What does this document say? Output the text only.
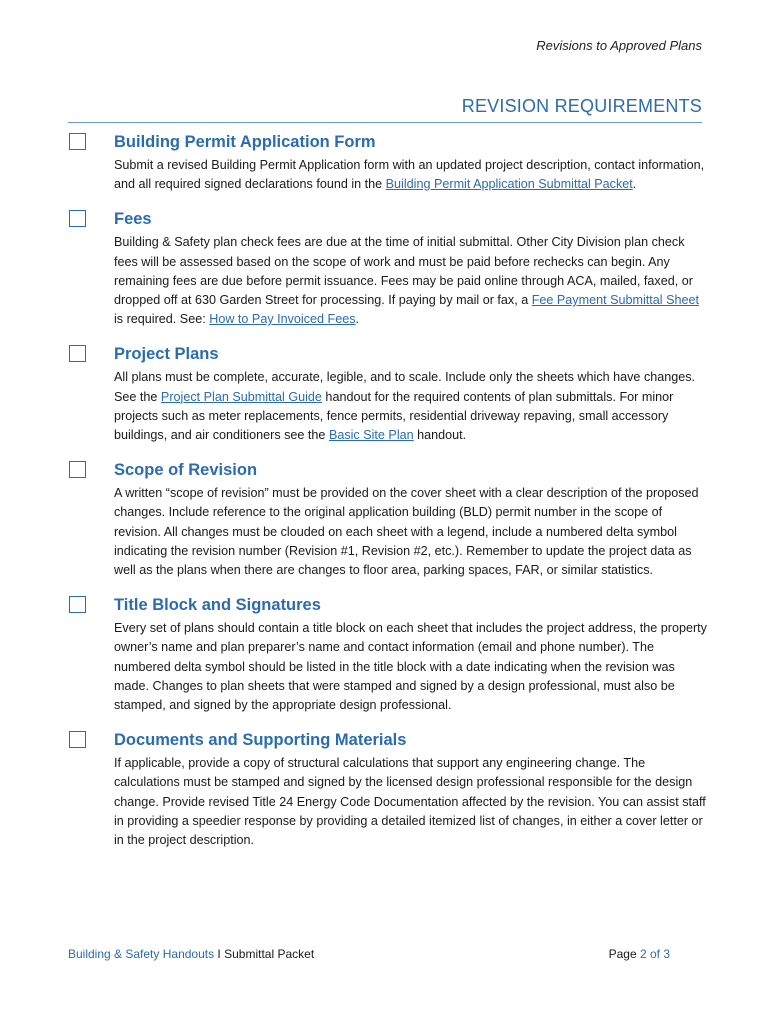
Revisions to Approved Plans
REVISION REQUIREMENTS
Building Permit Application Form

Submit a revised Building Permit Application form with an updated project description, contact information, and all required signed declarations found in the Building Permit Application Submittal Packet.

Fees

Building & Safety plan check fees are due at the time of initial submittal. Other City Division plan check fees will be assessed based on the scope of work and must be paid before rechecks can begin. Any remaining fees are due before permit issuance. Fees may be paid online through ACA, mailed, faxed, or dropped off at 630 Garden Street for processing. If paying by mail or fax, a Fee Payment Submittal Sheet is required. See: How to Pay Invoiced Fees.

Project Plans

All plans must be complete, accurate, legible, and to scale. Include only the sheets which have changes. See the Project Plan Submittal Guide handout for the required contents of plan submittals. For minor projects such as meter replacements, fence permits, residential driveway repaving, small accessory buildings, and air conditioners see the Basic Site Plan handout.

Scope of Revision

A written “scope of revision” must be provided on the cover sheet with a clear description of the proposed changes. Include reference to the original application building (BLD) permit number in the scope of revision. All changes must be clouded on each sheet with a legend, include a numbered delta symbol indicating the revision number (Revision #1, Revision #2, etc.). Remember to update the project data as well as the plans when there are changes to floor area, parking spaces, FAR, or similar statistics.

Title Block and Signatures

Every set of plans should contain a title block on each sheet that includes the project address, the property owner’s name and plan preparer’s name and contact information (email and phone number). The numbered delta symbol should be listed in the title block with a date indicating when the revision was made. Changes to plan sheets that were stamped and signed by a design professional, must also be stamped, and signed by the appropriate design professional.

Documents and Supporting Materials

If applicable, provide a copy of structural calculations that support any engineering change. The calculations must be stamped and signed by the licensed design professional responsible for the design change. Provide revised Title 24 Energy Code Documentation affected by the revision. You can assist staff in providing a speedier response by providing a detailed itemized list of changes, in either a cover letter or in the project description.

Building & Safety Handouts I Submittal Packet	Page 2 of 3
